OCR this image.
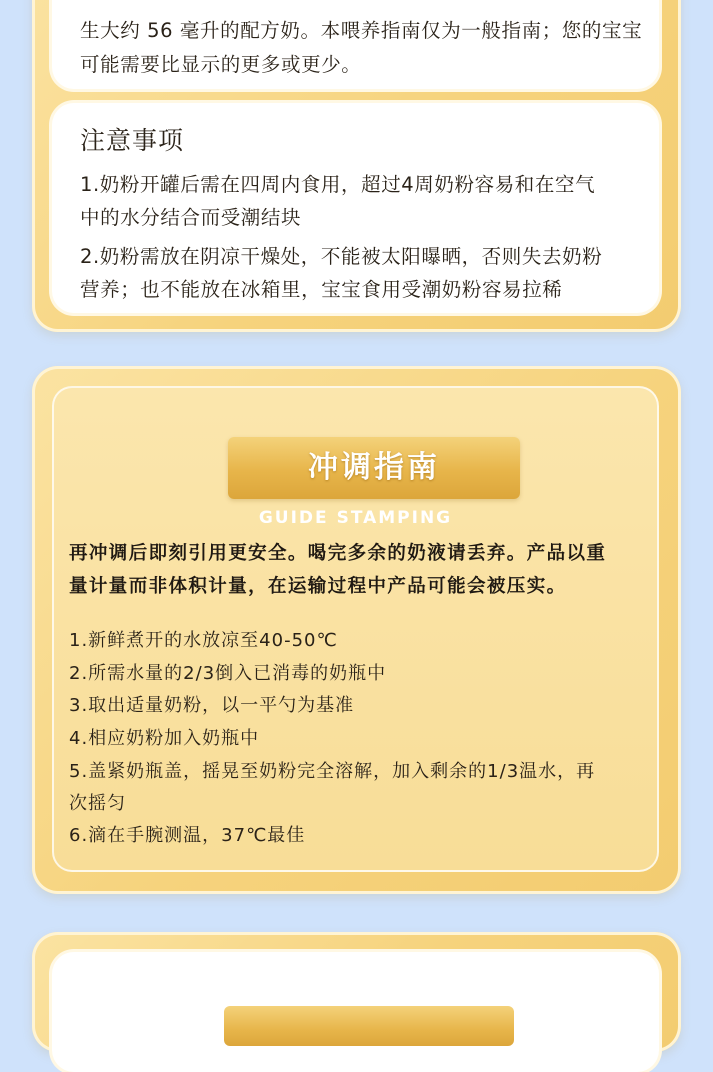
生大约 56 毫升的配方奶。本喂养指南仅为一般指南；您的宝宝
可能需要比显示的更多或更少。
注意事项
1.奶粉开罐后需在四周内食用，超过4周奶粉容易和在空气
中的水分结合而受潮结块
2.奶粉需放在阴凉干燥处，不能被太阳曝晒，否则失去奶粉
营养；也不能放在冰箱里，宝宝食用受潮奶粉容易拉稀
冲调指南
GUIDE STAMPING
再冲调后即刻引用更安全。喝完多余的奶液请丢弃。产品以重
量计量而非体积计量，在运输过程中产品可能会被压实。
1.新鲜煮开的水放凉至40-50℃
2.所需水量的2/3倒入已消毒的奶瓶中
3.取出适量奶粉，以一平勺为基准
4.相应奶粉加入奶瓶中
5.盖紧奶瓶盖，摇晃至奶粉完全溶解，加入剩余的1/3温水，再
次摇匀
6.滴在手腕测温，37℃最佳
